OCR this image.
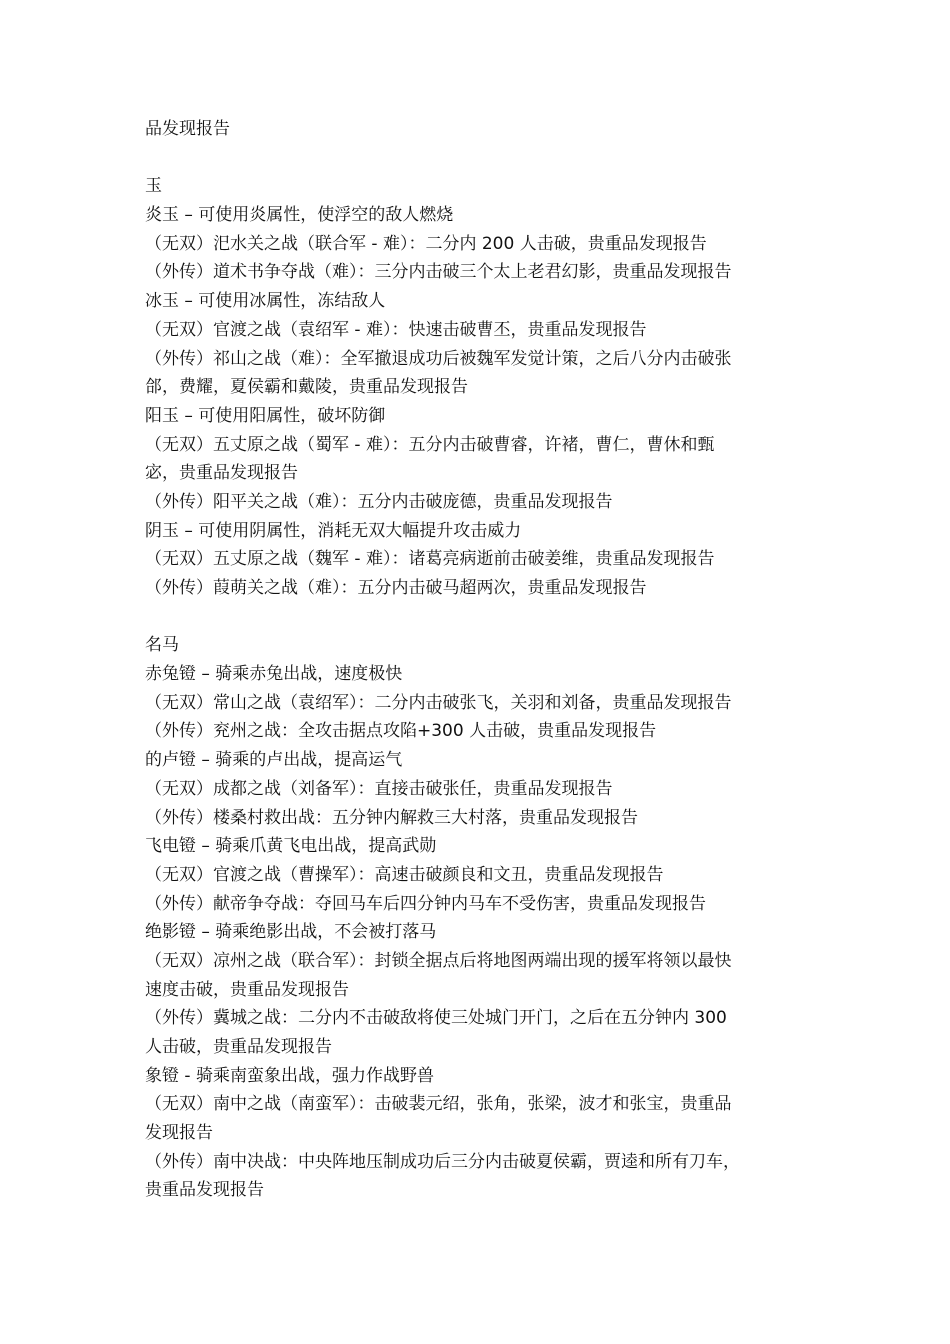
品发现报告
玉
炎玉 – 可使用炎属性，使浮空的敌人燃烧
（无双）汜水关之战（联合军 - 难）：二分内 200 人击破，贵重品发现报告
（外传）道术书争夺战（难）：三分内击破三个太上老君幻影，贵重品发现报告
冰玉 – 可使用冰属性，冻结敌人
（无双）官渡之战（袁绍军 - 难）：快速击破曹丕，贵重品发现报告
（外传）祁山之战（难）：全军撤退成功后被魏军发觉计策，之后八分内击破张
郃，费耀，夏侯霸和戴陵，贵重品发现报告
阳玉 – 可使用阳属性，破坏防御
（无双）五丈原之战（蜀军 - 难）：五分内击破曹睿，许褚，曹仁，曹休和甄
宓，贵重品发现报告
（外传）阳平关之战（难）：五分内击破庞德，贵重品发现报告
阴玉 – 可使用阴属性，消耗无双大幅提升攻击威力
（无双）五丈原之战（魏军 - 难）：诸葛亮病逝前击破姜维，贵重品发现报告
（外传）葭萌关之战（难）：五分内击破马超两次，贵重品发现报告
名马
赤兔镫 – 骑乘赤兔出战，速度极快
（无双）常山之战（袁绍军）：二分内击破张飞，关羽和刘备，贵重品发现报告
（外传）兖州之战：全攻击据点攻陷+300 人击破，贵重品发现报告
的卢镫 – 骑乘的卢出战，提高运气
（无双）成都之战（刘备军）：直接击破张任，贵重品发现报告
（外传）楼桑村救出战：五分钟内解救三大村落，贵重品发现报告
飞电镫 – 骑乘爪黄飞电出战，提高武勋
（无双）官渡之战（曹操军）：高速击破颜良和文丑，贵重品发现报告
（外传）献帝争夺战：夺回马车后四分钟内马车不受伤害，贵重品发现报告
绝影镫 – 骑乘绝影出战，不会被打落马
（无双）凉州之战（联合军）：封锁全据点后将地图两端出现的援军将领以最快
速度击破，贵重品发现报告
（外传）冀城之战：二分内不击破敌将使三处城门开门，之后在五分钟内 300
人击破，贵重品发现报告
象镫 - 骑乘南蛮象出战，强力作战野兽
（无双）南中之战（南蛮军）：击破裴元绍，张角，张梁，波才和张宝，贵重品
发现报告
（外传）南中决战：中央阵地压制成功后三分内击破夏侯霸，贾逵和所有刀车，
贵重品发现报告
